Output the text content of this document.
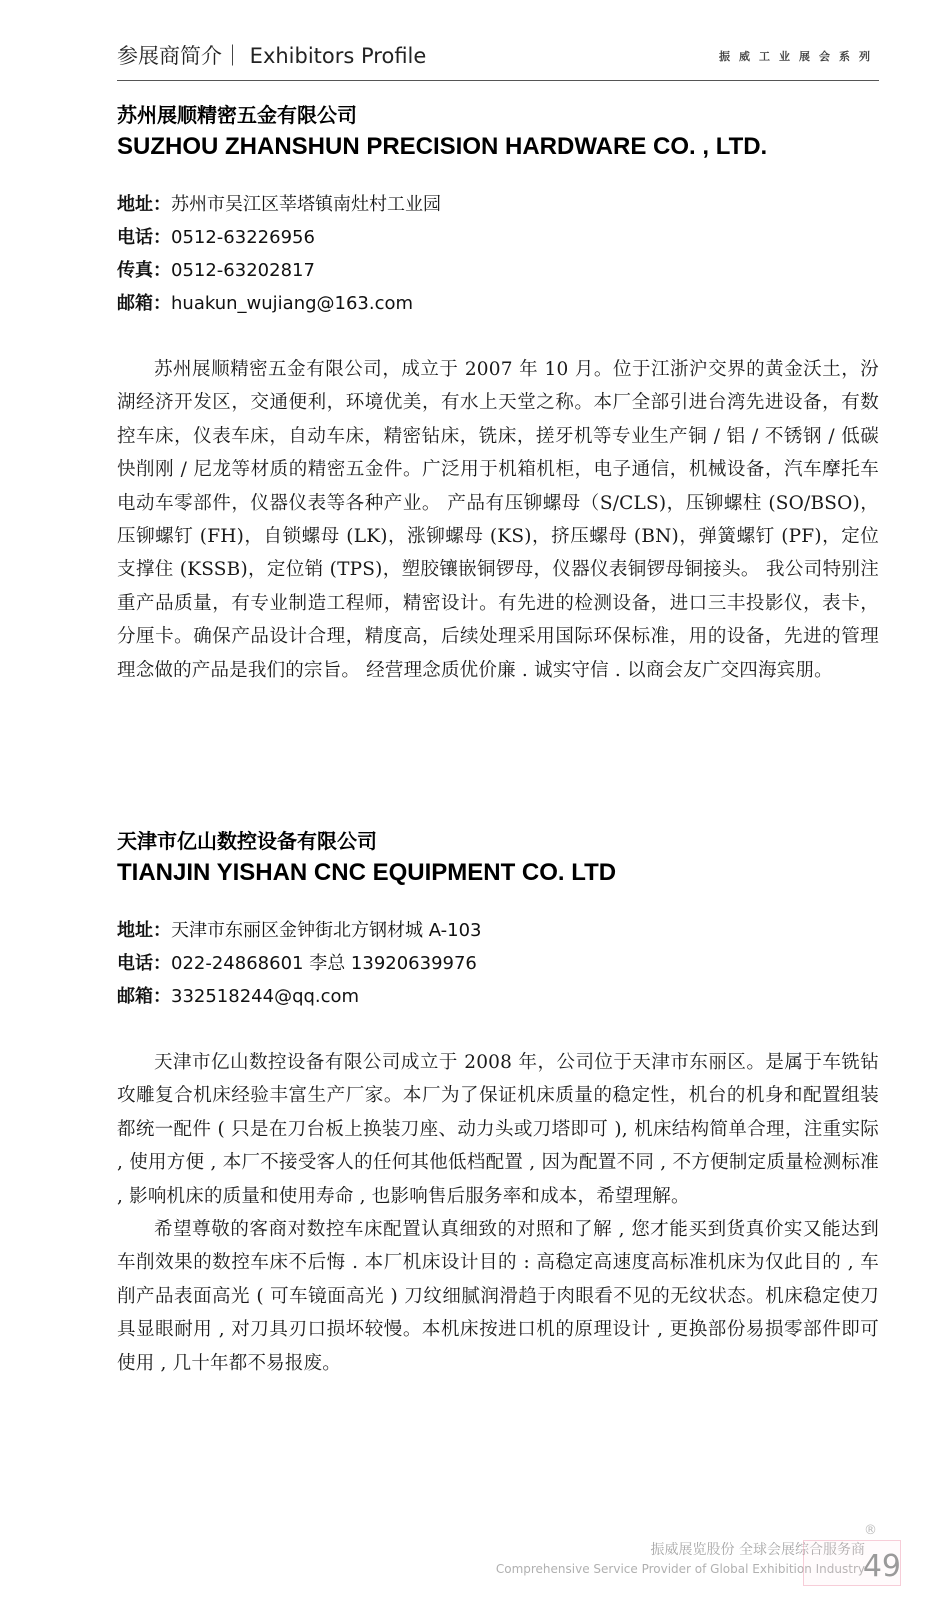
参展商简介｜ Exhibitors Profile	振威工业展会系列
苏州展顺精密五金有限公司
SUZHOU ZHANSHUN PRECISION HARDWARE CO. , LTD.
地址：苏州市吴江区莘塔镇南灶村工业园
电话：0512-63226956
传真：0512-63202817
邮箱：huakun_wujiang@163.com

苏州展顺精密五金有限公司，成立于 2007 年 10 月。位于江浙沪交界的黄金沃土，汾湖经济开发区，交通便利，环境优美，有水上天堂之称。本厂全部引进台湾先进设备，有数控车床，仪表车床，自动车床，精密钻床，铣床，搓牙机等专业生产铜 / 铝 / 不锈钢 / 低碳快削刚 / 尼龙等材质的精密五金件。广泛用于机箱机柜，电子通信，机械设备，汽车摩托车电动车零部件，仪器仪表等各种产业。 产品有压铆螺母（S/CLS)，压铆螺柱 (SO/BSO)，压铆螺钉 (FH)，自锁螺母 (LK)，涨铆螺母 (KS)，挤压螺母 (BN)，弹簧螺钉 (PF)，定位支撑住 (KSSB)，定位销 (TPS)，塑胶镶嵌铜锣母，仪器仪表铜锣母铜接头。 我公司特别注重产品质量，有专业制造工程师，精密设计。有先进的检测设备，进口三丰投影仪，表卡，分厘卡。确保产品设计合理，精度高，后续处理采用国际环保标准，用的设备，先进的管理理念做的产品是我们的宗旨。 经营理念质优价廉 . 诚实守信 . 以商会友广交四海宾朋。

天津市亿山数控设备有限公司
TIANJIN YISHAN CNC EQUIPMENT CO. LTD
地址：天津市东丽区金钟街北方钢材城 A-103
电话：022-24868601 李总 13920639976
邮箱：332518244@qq.com

天津市亿山数控设备有限公司成立于 2008 年，公司位于天津市东丽区。是属于车铣钻攻雕复合机床经验丰富生产厂家。本厂为了保证机床质量的稳定性，机台的机身和配置组装都统一配件 ( 只是在刀台板上换装刀座、动力头或刀塔即可 ), 机床结构简单合理，注重实际 , 使用方便 , 本厂不接受客人的任何其他低档配置 , 因为配置不同 , 不方便制定质量检测标准 , 影响机床的质量和使用寿命 , 也影响售后服务率和成本，希望理解。

希望尊敬的客商对数控车床配置认真细致的对照和了解 , 您才能买到货真价实又能达到车削效果的数控车床不后悔 . 本厂机床设计目的 : 高稳定高速度高标准机床为仅此目的 , 车削产品表面高光 ( 可车镜面高光 ) 刀纹细腻润滑趋于肉眼看不见的无纹状态。机床稳定使刀具显眼耐用 , 对刀具刃口损坏较慢。本机床按进口机的原理设计 , 更换部份易损零部件即可使用 , 几十年都不易报废。

振威展览股份 全球会展综合服务商
Comprehensive Service Provider of Global Exhibition Industry
®
49
